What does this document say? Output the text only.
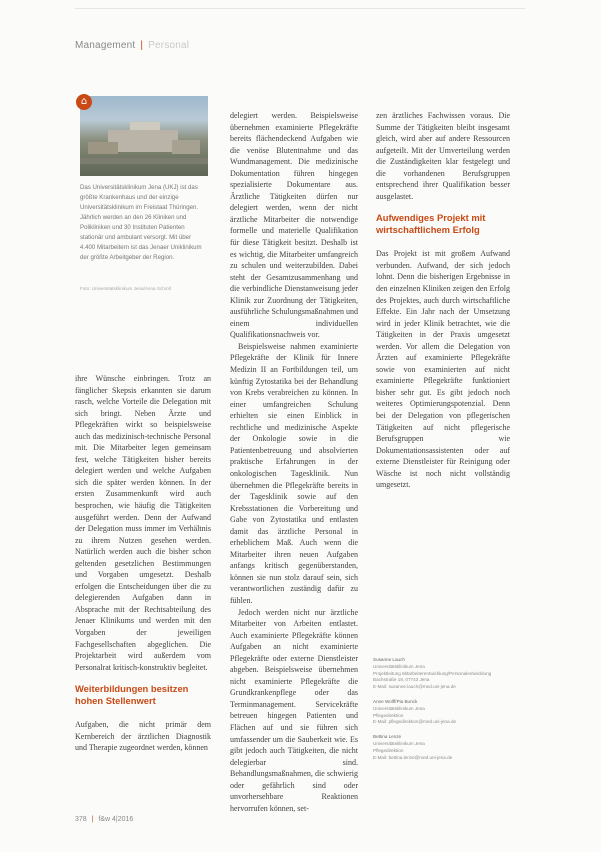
Management | Personal
⌂
Das Universitätsklinikum Jena (UKJ) ist das größte Krankenhaus und der einzige Universitätsklinikum im Freistaat Thüringen. Jährlich werden an den 26 Kliniken und Polikliniken und 30 Instituten Patienten stationär und ambulant versorgt. Mit über 4.400 Mitarbeitern ist das Jenaer Uniklinikum der größte Arbeitgeber der Region.
Foto: Universitätsklinikum Jena/Anna Schroll

ihre Wünsche einbringen. Trotz an fänglicher Skepsis erkannten sie darum rasch, welche Vorteile die Delegation mit sich bringt. Neben Ärzte und Pflegekräften wirkt so beispielsweise auch das medizinisch-technische Personal mit. Die Mitarbeiter legen gemeinsam fest, welche Tätigkeiten bisher bereits delegiert werden und welche Aufgaben sich die später werden können. In der ersten Zusammenkunft wird auch besprochen, wie häufig die Tätigkeiten ausgeführt werden. Denn der Aufwand der Delegation muss immer im Verhältnis zu ihrem Nutzen gesehen werden. Natürlich werden auch die bisher schon geltenden gesetzlichen Bestimmungen und Vorgaben umgesetzt. Deshalb erfolgen die Entscheidungen über die zu delegierenden Aufgaben dann in Absprache mit der Rechtsabteilung des Jenaer Klinikums und werden mit den Vorgaben der jeweiligen Fachgesellschaften abgeglichen. Die Projektarbeit wird außerdem vom Personalrat kritisch-konstruktiv begleitet.

Weiterbildungen besitzen hohen Stellenwert

Aufgaben, die nicht primär dem Kernbereich der ärztlichen Diagnostik und Therapie zugeordnet werden, können

delegiert werden. Beispielsweise übernehmen examinierte Pflegekräfte bereits flächendeckend Aufgaben wie die venöse Blutentnahme und das Wundmanagement. Die medizinische Dokumentation führen hingegen spezialisierte Dokumentare aus. Ärztliche Tätigkeiten dürfen nur delegiert werden, wenn der nicht ärztliche Mitarbeiter die notwendige formelle und materielle Qualifikation für diese Tätigkeit besitzt. Deshalb ist es wichtig, die Mitarbeiter umfangreich zu schulen und weiterzubilden. Dabei steht der Gesamtzusammenhang und die verbindliche Dienstanweisung jeder Klinik zur Zuordnung der Tätigkeiten, ausführliche Schulungsmaßnahmen und einem individuellen Qualifikationsnachweis vor.

Beispielsweise nahmen examinierte Pflegekräfte der Klinik für Innere Medizin II an Fortbildungen teil, um künftig Zytostatika bei der Behandlung von Krebs verabreichen zu können. In einer umfangreichen Schulung erhielten sie einen Einblick in rechtliche und medizinische Aspekte der Onkologie sowie in die Patientenbetreuung und absolvierten praktische Erfahrungen in der onkologischen Tagesklinik. Nun übernehmen die Pflegekräfte bereits in der Tagesklinik sowie auf den Krebsstationen die Vorbereitung und Gabe von Zytostatika und entlasten damit das ärztliche Personal in erheblichem Maß. Auch wenn die Mitarbeiter ihren neuen Aufgaben anfangs kritisch gegenüberstanden, können sie nun stolz darauf sein, sich verantwortlichen zuständig dafür zu fühlen.

Jedoch werden nicht nur ärztliche Mitarbeiter von Arbeiten entlastet. Auch examinierte Pflegekräfte können Aufgaben an nicht examinierte Pflegekräfte oder externe Dienstleister abgeben. Beispielsweise übernehmen nicht examinierte Pflegekräfte die Grundkrankenpflege oder das Terminmanagement. Servicekräfte betreuen hingegen Patienten und Flächen auf und sie führen sich umfassender um die Sauberkeit wie. Es gibt jedoch auch Tätigkeiten, die nicht delegierbar sind. Behandlungsmaßnahmen, die schwierig oder gefährlich sind oder unvorhersehbare Reaktionen hervorrufen können, set-

zen ärztliches Fachwissen voraus. Die Summe der Tätigkeiten bleibt insgesamt gleich, wird aber auf andere Ressourcen aufgeteilt. Mit der Umverteilung werden die Zuständigkeiten klar festgelegt und die vorhandenen Berufsgruppen entsprechend ihrer Qualifikation besser ausgelastet.

Aufwendiges Projekt mit wirtschaftlichem Erfolg

Das Projekt ist mit großem Aufwand verbunden. Aufwand, der sich jedoch lohnt. Denn die bisherigen Ergebnisse in den einzelnen Kliniken zeigen den Erfolg des Projektes, auch durch wirtschaftliche Effekte. Ein Jahr nach der Umsetzung wird in jeder Klinik betrachtet, wie die Tätigkeiten in der Praxis umgesetzt werden. Vor allem die Delegation von Ärzten auf examinierte Pflegekräfte sowie von examinierten auf nicht examinierte Pflegekräfte funktioniert bisher sehr gut. Es gibt jedoch noch weiteres Optimierungspotenzial. Denn bei der Delegation von pflegerischen Tätigkeiten auf nicht pflegerische Berufsgruppen wie Dokumentationsassistenten oder auf externe Dienstleister für Reinigung oder Wäsche ist noch nicht vollständig umgesetzt.

Susanne Lauch
Universitätsklinikum Jena
Projektleitung Mitarbeiterentwicklung/Personalentwicklung
Bachstraße 18, 07743 Jena
E-Mail: susanne.lauch@med.uni-jena.de
Anne Wolff/Pia Bunck
Universitätsklinikum Jena
Pflegedirektion
E-Mail: pflegedirektion@med.uni-jena.de
Bettina Lenze
Universitätsklinikum Jena
Pflegedirektion
E-Mail: bettina.lenze@med.uni-jena.de
378 | f&w 4|2016
